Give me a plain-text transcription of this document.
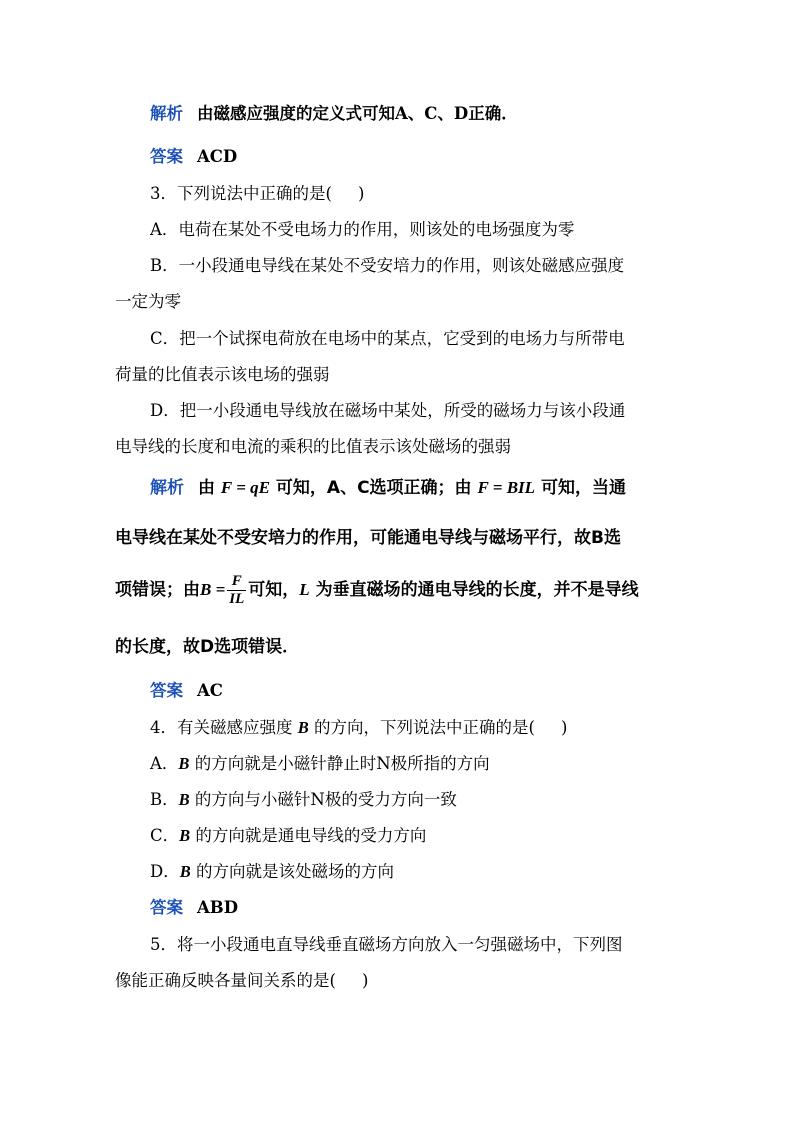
解析 由磁感应强度的定义式可知A、C、D正确．
答案 ACD
3．下列说法中正确的是( )
A．电荷在某处不受电场力的作用，则该处的电场强度为零
B．一小段通电导线在某处不受安培力的作用，则该处磁感应强度
一定为零
C．把一个试探电荷放在电场中的某点，它受到的电场力与所带电
荷量的比值表示该电场的强弱
D．把一小段通电导线放在磁场中某处，所受的磁场力与该小段通
电导线的长度和电流的乘积的比值表示该处磁场的强弱
解析 由 F = qE 可知，A、C选项正确；由 F = BIL 可知，当通
电导线在某处不受安培力的作用，可能通电导线与磁场平行，故B选
项错误；由$B = \frac{F}{IL}$ 可知，L 为垂直磁场的通电导线的长度，并不是导线
的长度，故D选项错误．
答案 AC
4．有关磁感应强度 B 的方向，下列说法中正确的是( )
A．B 的方向就是小磁针静止时N极所指的方向
B．B 的方向与小磁针N极的受力方向一致
C．B 的方向就是通电导线的受力方向
D．B 的方向就是该处磁场的方向
答案 ABD
5．将一小段通电直导线垂直磁场方向放入一匀强磁场中，下列图
像能正确反映各量间关系的是( )
